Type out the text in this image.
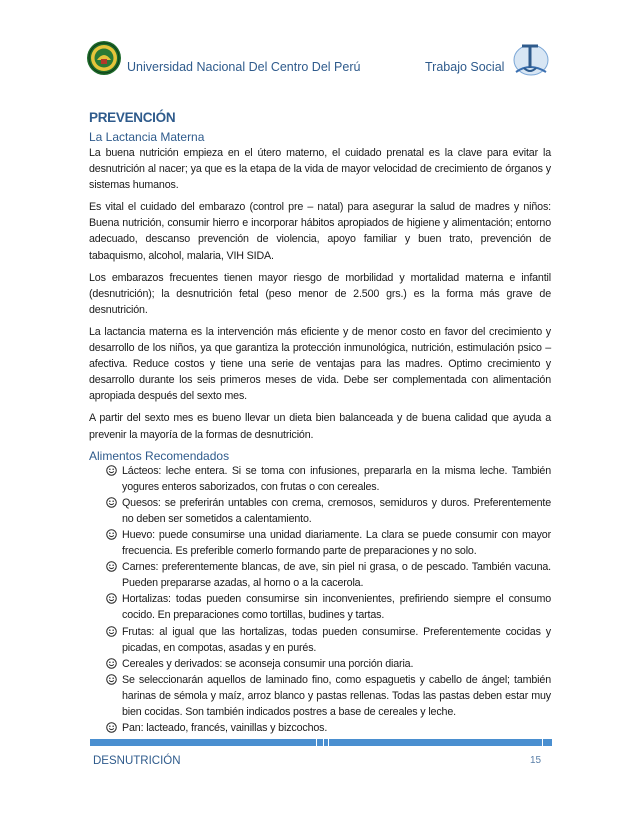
Universidad Nacional Del Centro Del Perú	Trabajo Social
PREVENCIÓN
La Lactancia Materna

La buena nutrición empieza en el útero materno, el cuidado prenatal es la clave para evitar la desnutrición al nacer; ya que es la etapa de la vida de mayor velocidad de crecimiento de órganos y sistemas humanos.

Es vital el cuidado del embarazo (control pre – natal) para asegurar la salud de madres y niños: Buena nutrición, consumir hierro e incorporar hábitos apropiados de higiene y alimentación; entorno adecuado, descanso prevención de violencia, apoyo familiar y buen trato, prevención de tabaquismo, alcohol, malaria, VIH SIDA.

Los embarazos frecuentes tienen mayor riesgo de morbilidad y mortalidad materna e infantil (desnutrición); la desnutrición fetal (peso menor de 2.500 grs.) es la forma más grave de desnutrición.

La lactancia materna es la intervención más eficiente y de menor costo en favor del crecimiento y desarrollo de los niños, ya que garantiza la protección inmunológica, nutrición, estimulación psico – afectiva. Reduce costos y tiene una serie de ventajas para las madres. Optimo crecimiento y desarrollo durante los seis primeros meses de vida. Debe ser complementada con alimentación apropiada después del sexto mes.

A partir del sexto mes es bueno llevar un dieta bien balanceada y de buena calidad que ayuda a prevenir la mayoría de la formas de desnutrición.

Alimentos Recomendados
Lácteos: leche entera. Si se toma con infusiones, prepararla en la misma leche. También yogures enteros saborizados, con frutas o con cereales.
Quesos: se preferirán untables con crema, cremosos, semiduros y duros. Preferentemente no deben ser sometidos a calentamiento.
Huevo: puede consumirse una unidad diariamente. La clara se puede consumir con mayor frecuencia. Es preferible comerlo formando parte de preparaciones y no solo.
Carnes: preferentemente blancas, de ave, sin piel ni grasa, o de pescado. También vacuna. Pueden prepararse azadas, al horno o a la cacerola.
Hortalizas: todas pueden consumirse sin inconvenientes, prefiriendo siempre el consumo cocido. En preparaciones como tortillas, budines y tartas.
Frutas: al igual que las hortalizas, todas pueden consumirse. Preferentemente cocidas y picadas, en compotas, asadas y en purés.
Cereales y derivados: se aconseja consumir una porción diaria.
Se seleccionarán aquellos de laminado fino, como espaguetis y cabello de ángel; también harinas de sémola y maíz, arroz blanco y pastas rellenas. Todas las pastas deben estar muy bien cocidas. Son también indicados postres a base de cereales y leche.
Pan: lacteado, francés, vainillas y bizcochos.
DESNUTRICIÓN	15
